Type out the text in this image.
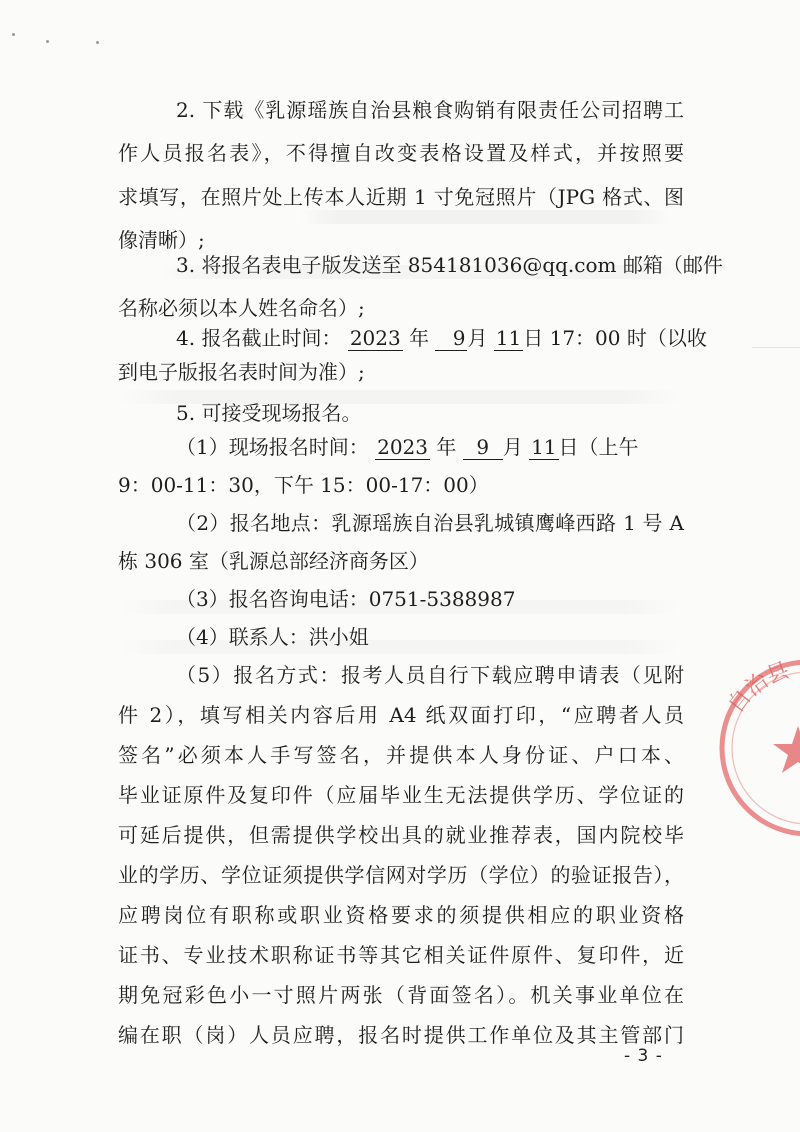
2. 下载《乳源瑶族自治县粮食购销有限责任公司招聘工
作人员报名表》，不得擅自改变表格设置及样式，并按照要
求填写，在照片处上传本人近期 1 寸免冠照片（JPG 格式、图
像清晰）;
3. 将报名表电子版发送至 854181036@qq.com 邮箱（邮件
名称必须以本人姓名命名）;
4. 报名截止时间： 2023 年 9 月 11 日 17：00 时（以收
到电子版报名表时间为准）;
5. 可接受现场报名。
（1）现场报名时间： 2023 年 9 月 11 日（上午
9：00-11：30，下午 15：00-17：00）
（2）报名地点：乳源瑶族自治县乳城镇鹰峰西路 1 号 A
栋 306 室（乳源总部经济商务区）
（3）报名咨询电话：0751-5388987
（4）联系人：洪小姐
（5）报名方式：报考人员自行下载应聘申请表（见附
件 2），填写相关内容后用 A4 纸双面打印，“应聘者人员
签名”必须本人手写签名，并提供本人身份证、户口本、
毕业证原件及复印件（应届毕业生无法提供学历、学位证的
可延后提供，但需提供学校出具的就业推荐表，国内院校毕
业的学历、学位证须提供学信网对学历（学位）的验证报告），
应聘岗位有职称或职业资格要求的须提供相应的职业资格
证书、专业技术职称证书等其它相关证件原件、复印件，近
期免冠彩色小一寸照片两张（背面签名）。机关事业单位在
编在职（岗）人员应聘，报名时提供工作单位及其主管部门
- 3 -
自治县
